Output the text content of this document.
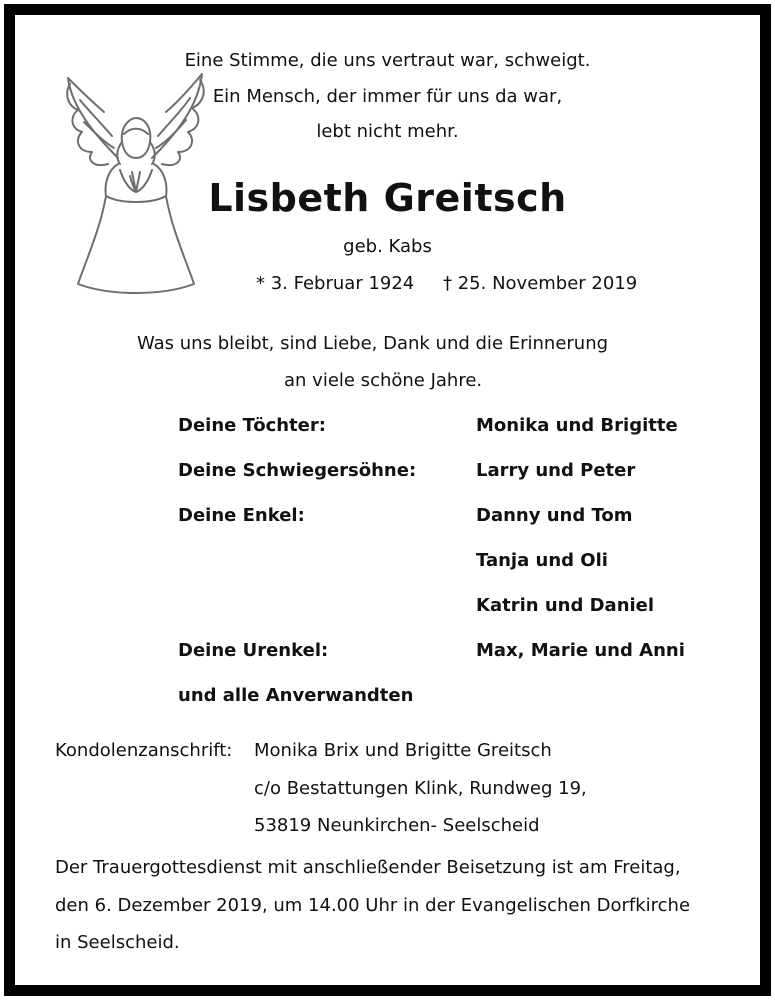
Eine Stimme, die uns vertraut war, schweigt.
Ein Mensch, der immer für uns da war,
lebt nicht mehr.
Lisbeth Greitsch
geb. Kabs
* 3. Februar 1924 † 25. November 2019
Was uns bleibt, sind Liebe, Dank und die Erinnerung
an viele schöne Jahre.
Deine Töchter:	Monika und Brigitte
Deine Schwiegersöhne:	Larry und Peter
Deine Enkel:	Danny und Tom
Tanja und Oli
Katrin und Daniel
Deine Urenkel:	Max, Marie und Anni
und alle Anverwandten
Kondolenzanschrift: Monika Brix und Brigitte Greitsch
c/o Bestattungen Klink, Rundweg 19,
53819 Neunkirchen- Seelscheid
Der Trauergottesdienst mit anschließender Beisetzung ist am Freitag,
den 6. Dezember 2019, um 14.00 Uhr in der Evangelischen Dorfkirche
in Seelscheid.
